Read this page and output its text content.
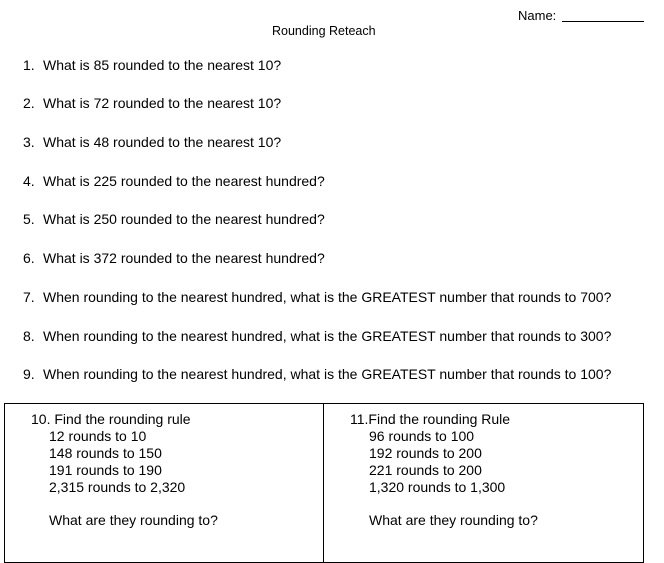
Name:
Rounding Reteach
1. What is 85 rounded to the nearest 10?
2. What is 72 rounded to the nearest 10?
3. What is 48 rounded to the nearest 10?
4. What is 225 rounded to the nearest hundred?
5. What is 250 rounded to the nearest hundred?
6. What is 372 rounded to the nearest hundred?
7. When rounding to the nearest hundred, what is the GREATEST number that rounds to 700?
8. When rounding to the nearest hundred, what is the GREATEST number that rounds to 300?
9. When rounding to the nearest hundred, what is the GREATEST number that rounds to 100?
10. Find the rounding rule
12 rounds to 10
148 rounds to 150
191 rounds to 190
2,315 rounds to 2,320
What are they rounding to?
11.Find the rounding Rule
96 rounds to 100
192 rounds to 200
221 rounds to 200
1,320 rounds to 1,300
What are they rounding to?
